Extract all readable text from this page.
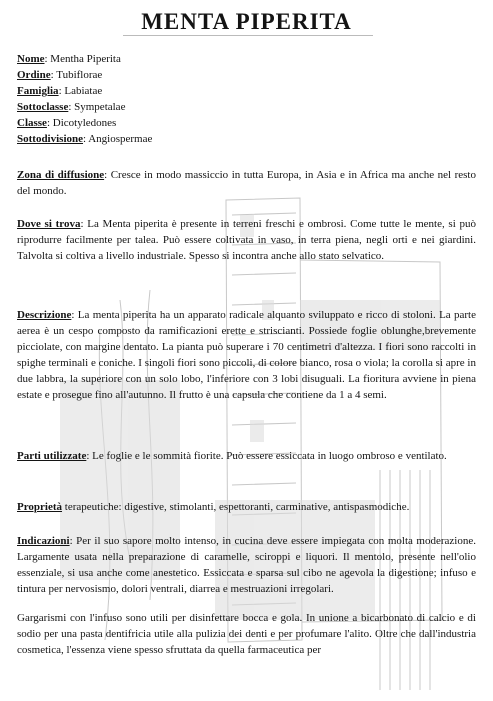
MENTA PIPERITA
Nome: Mentha Piperita
Ordine: Tubiflorae
Famiglia: Labiatae
Sottoclasse: Sympetalae
Classe: Dicotyledones
Sottodivisione: Angiospermae
Zona di diffusione: Cresce in modo massiccio in tutta Europa, in Asia e in Africa ma anche nel resto del mondo.
Dove si trova: La Menta piperita è presente in terreni freschi e ombrosi. Come tutte le mente, si può riprodurre facilmente per talea. Può essere coltivata in vaso, in terra piena, negli orti e nei giardini. Talvolta si coltiva a livello industriale. Spesso si incontra anche allo stato selvatico.
Descrizione: La menta piperita ha un apparato radicale alquanto sviluppato e ricco di stoloni. La parte aerea è un cespo composto da ramificazioni erette e striscianti. Possiede foglie oblunghe,brevemente picciolate, con margine dentato. La pianta può superare i 70 centimetri d'altezza. I fiori sono raccolti in spighe terminali e coniche. I singoli fiori sono piccoli, di colore bianco, rosa o viola; la corolla si apre in due labbra, la superiore con un solo lobo, l'inferiore con 3 lobi disuguali. La fioritura avviene in piena estate e prosegue fino all'autunno. Il frutto è una capsula che contiene da 1 a 4 semi.
Parti utilizzate: Le foglie e le sommità fiorite. Può essere essiccata in luogo ombroso e ventilato.
Proprietà terapeutiche: digestive, stimolanti, espettoranti, carminative, antispasmodiche.
Indicazioni: Per il suo sapore molto intenso, in cucina deve essere impiegata con molta moderazione. Largamente usata nella preparazione di caramelle, sciroppi e liquori. Il mentolo, presente nell'olio essenziale, si usa anche come anestetico. Essiccata e sparsa sul cibo ne agevola la digestione; infuso e tintura per nervosismo, dolori ventrali, diarrea e mestruazioni irregolari.
Gargarismi con l'infuso sono utili per disinfettare bocca e gola. In unione a bicarbonato di calcio e di sodio per una pasta dentifricia utile alla pulizia dei denti e per profumare l'alito. Oltre che dall'industria cosmetica, l'essenza viene spesso sfruttata da quella farmaceutica per
